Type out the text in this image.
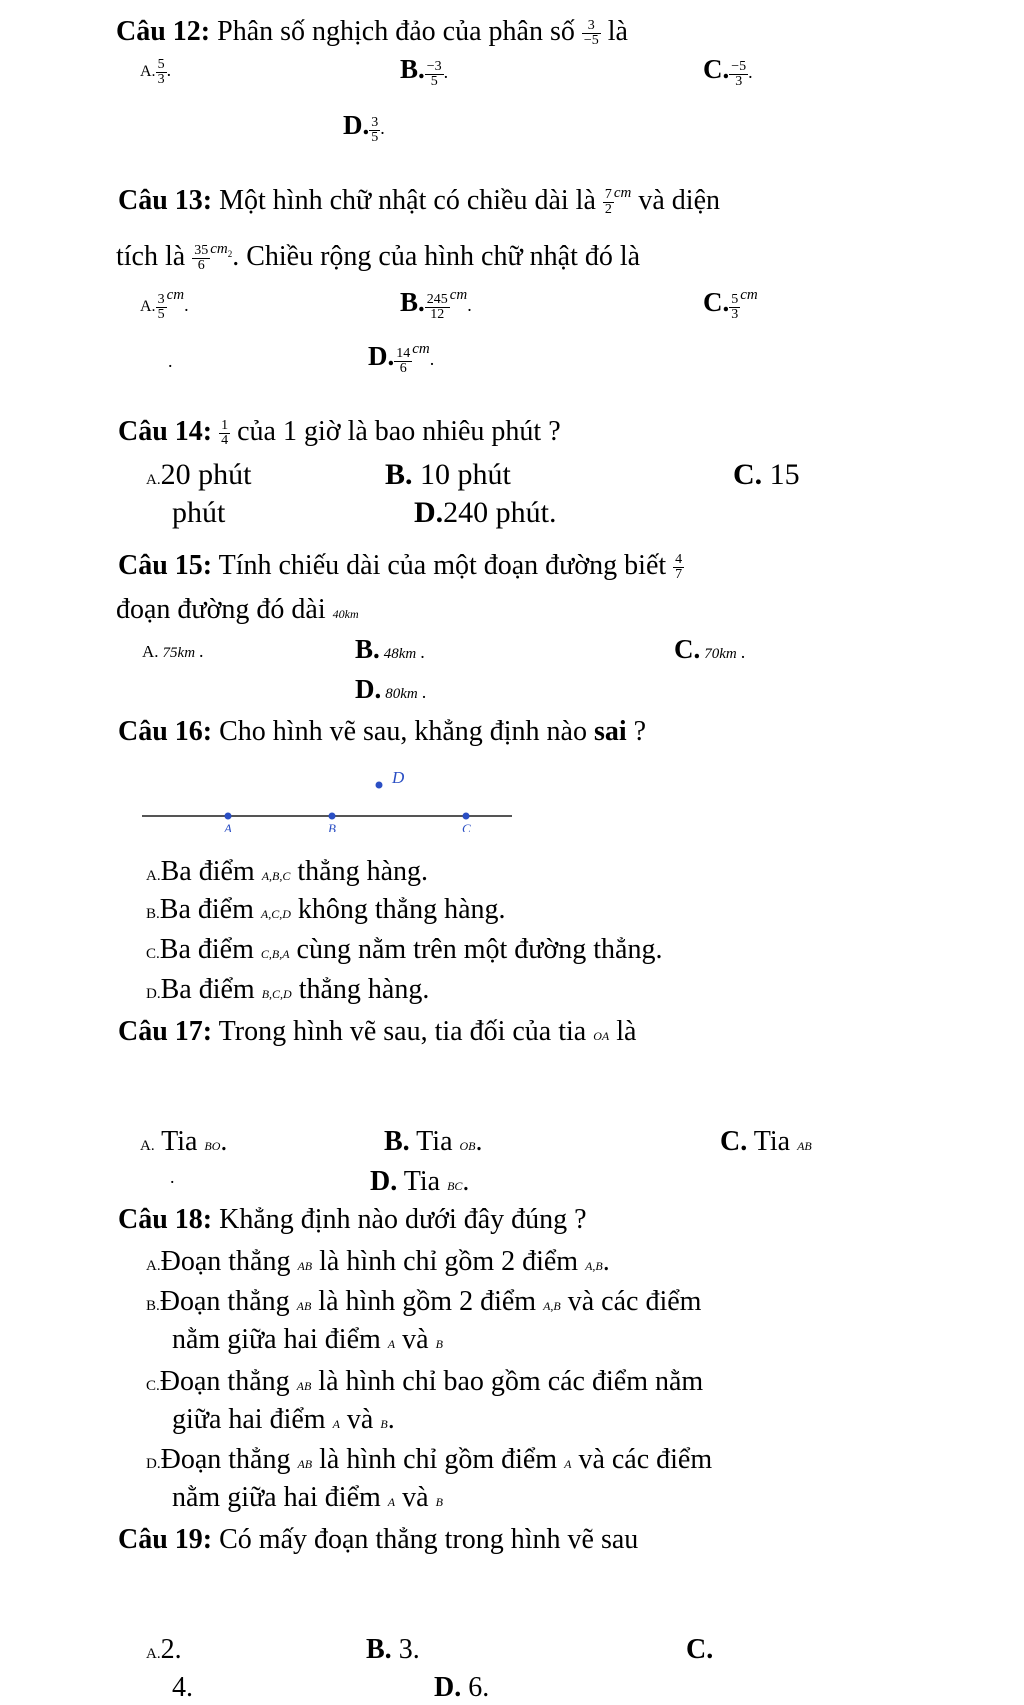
Câu 12: Phân số nghịch đảo của phân số $\frac{3}{-5}$ là
A. $\frac{5}{3}$ .	B. $\frac{-3}{5}$ .	C. $\frac{-5}{3}$ .
D. $\frac{3}{5}$ .
Câu 13: Một hình chữ nhật có chiều dài là $\frac{7}{2} ^{cm}$ và diện
tích là $\frac{35}{6} ^{cm2}$. Chiều rộng của hình chữ nhật đó là
A. $\frac{3}{5}$ cm.	B. $\frac{245}{12}$ cm.	C. $\frac{5}{3}$ cm
.	D. $\frac{14}{6}$ cm.
Câu 14: $\frac{1}{4}$ của 1 giờ là bao nhiêu phút ?
A.20 phút	B. 10 phút	C. 15
phút	D.240 phút.
Câu 15: Tính chiếu dài của một đoạn đường biết $\frac{4}{7}$
đoạn đường đó dài 40km
A. 75km .	B. 48km .	C. 70km .
D. 80km .
Câu 16: Cho hình vẽ sau, khẳng định nào sai ?
D
A	B	C
A.Ba điểm A,B,C thẳng hàng.
B.Ba điểm A,C,D không thẳng hàng.
C.Ba điểm C,B,A cùng nằm trên một đường thẳng.
D.Ba điểm B,C,D thẳng hàng.
Câu 17: Trong hình vẽ sau, tia đối của tia OA là
A. Tia BO.	B. Tia OB.	C. Tia AB
.	D. Tia BC.
Câu 18: Khẳng định nào dưới đây đúng ?
A.Đoạn thẳng AB là hình chỉ gồm 2 điểm A,B.
B.Đoạn thẳng AB là hình gồm 2 điểm A,B và các điểm
nằm giữa hai điểm A và B
C.Đoạn thẳng AB là hình chỉ bao gồm các điểm nằm
giữa hai điểm A và B.
D.Đoạn thẳng AB là hình chỉ gồm điểm A và các điểm
nằm giữa hai điểm A và B
Câu 19: Có mấy đoạn thẳng trong hình vẽ sau
A.2.	B. 3.	C.
4.	D. 6.
